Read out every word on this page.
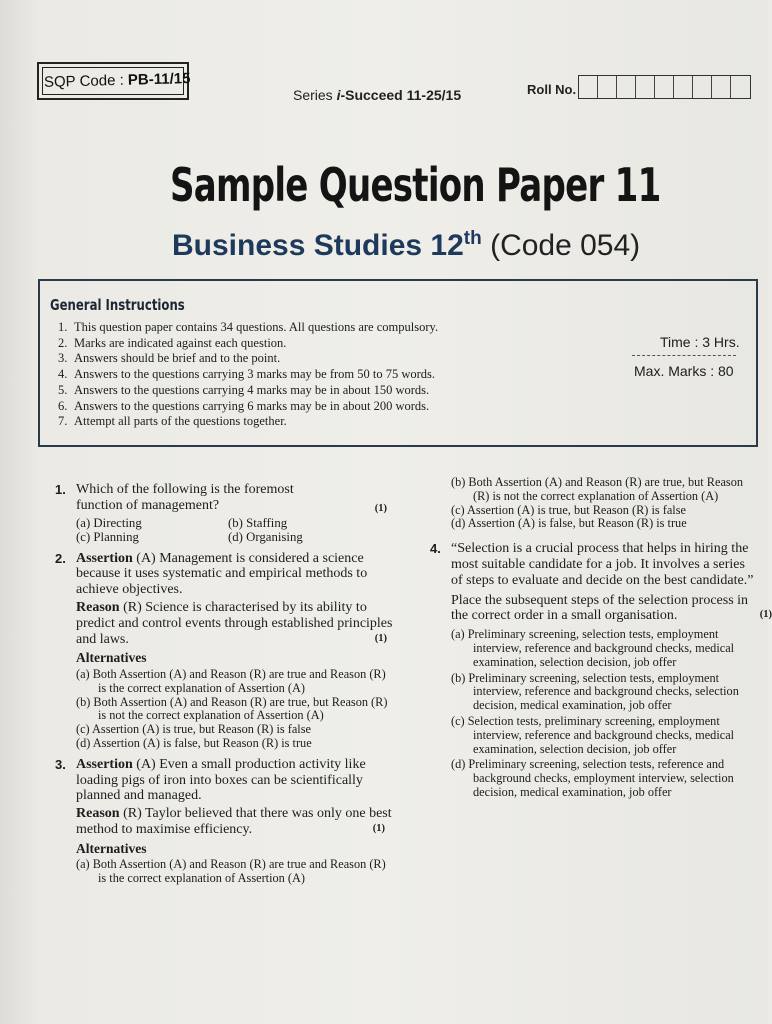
SQP Code : PB-11/15
Series i-Succeed 11-25/15	Roll No.
Sample Question Paper 11
Business Studies 12th (Code 054)
General Instructions
1. This question paper contains 34 questions. All questions are compulsory.
2. Marks are indicated against each question.
3. Answers should be brief and to the point.
4. Answers to the questions carrying 3 marks may be from 50 to 75 words.
5. Answers to the questions carrying 4 marks may be in about 150 words.
6. Answers to the questions carrying 6 marks may be in about 200 words.
7. Attempt all parts of the questions together.
Time : 3 Hrs.
Max. Marks : 80
1. Which of the following is the foremost
function of management?	(1)
(a) Directing	(b) Staffing
(c) Planning	(d) Organising
2. Assertion (A) Management is considered a science because it uses systematic and empirical methods to achieve objectives.
Reason (R) Science is characterised by its ability to predict and control events through established principles and laws.	(1)
Alternatives
(a) Both Assertion (A) and Reason (R) are true and Reason (R) is the correct explanation of Assertion (A)
(b) Both Assertion (A) and Reason (R) are true, but Reason (R) is not the correct explanation of Assertion (A)
(c) Assertion (A) is true, but Reason (R) is false
(d) Assertion (A) is false, but Reason (R) is true
3. Assertion (A) Even a small production activity like loading pigs of iron into boxes can be scientifically planned and managed.
Reason (R) Taylor believed that there was only one best method to maximise efficiency.	(1)
Alternatives
(a) Both Assertion (A) and Reason (R) are true and Reason (R) is the correct explanation of Assertion (A)
(b) Both Assertion (A) and Reason (R) are true, but Reason (R) is not the correct explanation of Assertion (A)
(c) Assertion (A) is true, but Reason (R) is false
(d) Assertion (A) is false, but Reason (R) is true
4. “Selection is a crucial process that helps in hiring the most suitable candidate for a job. It involves a series of steps to evaluate and decide on the best candidate.”
Place the subsequent steps of the selection process in the correct order in a small organisation.	(1)
(a) Preliminary screening, selection tests, employment interview, reference and background checks, medical examination, selection decision, job offer
(b) Preliminary screening, selection tests, employment interview, reference and background checks, selection decision, medical examination, job offer
(c) Selection tests, preliminary screening, employment interview, reference and background checks, medical examination, selection decision, job offer
(d) Preliminary screening, selection tests, reference and background checks, employment interview, selection decision, medical examination, job offer
